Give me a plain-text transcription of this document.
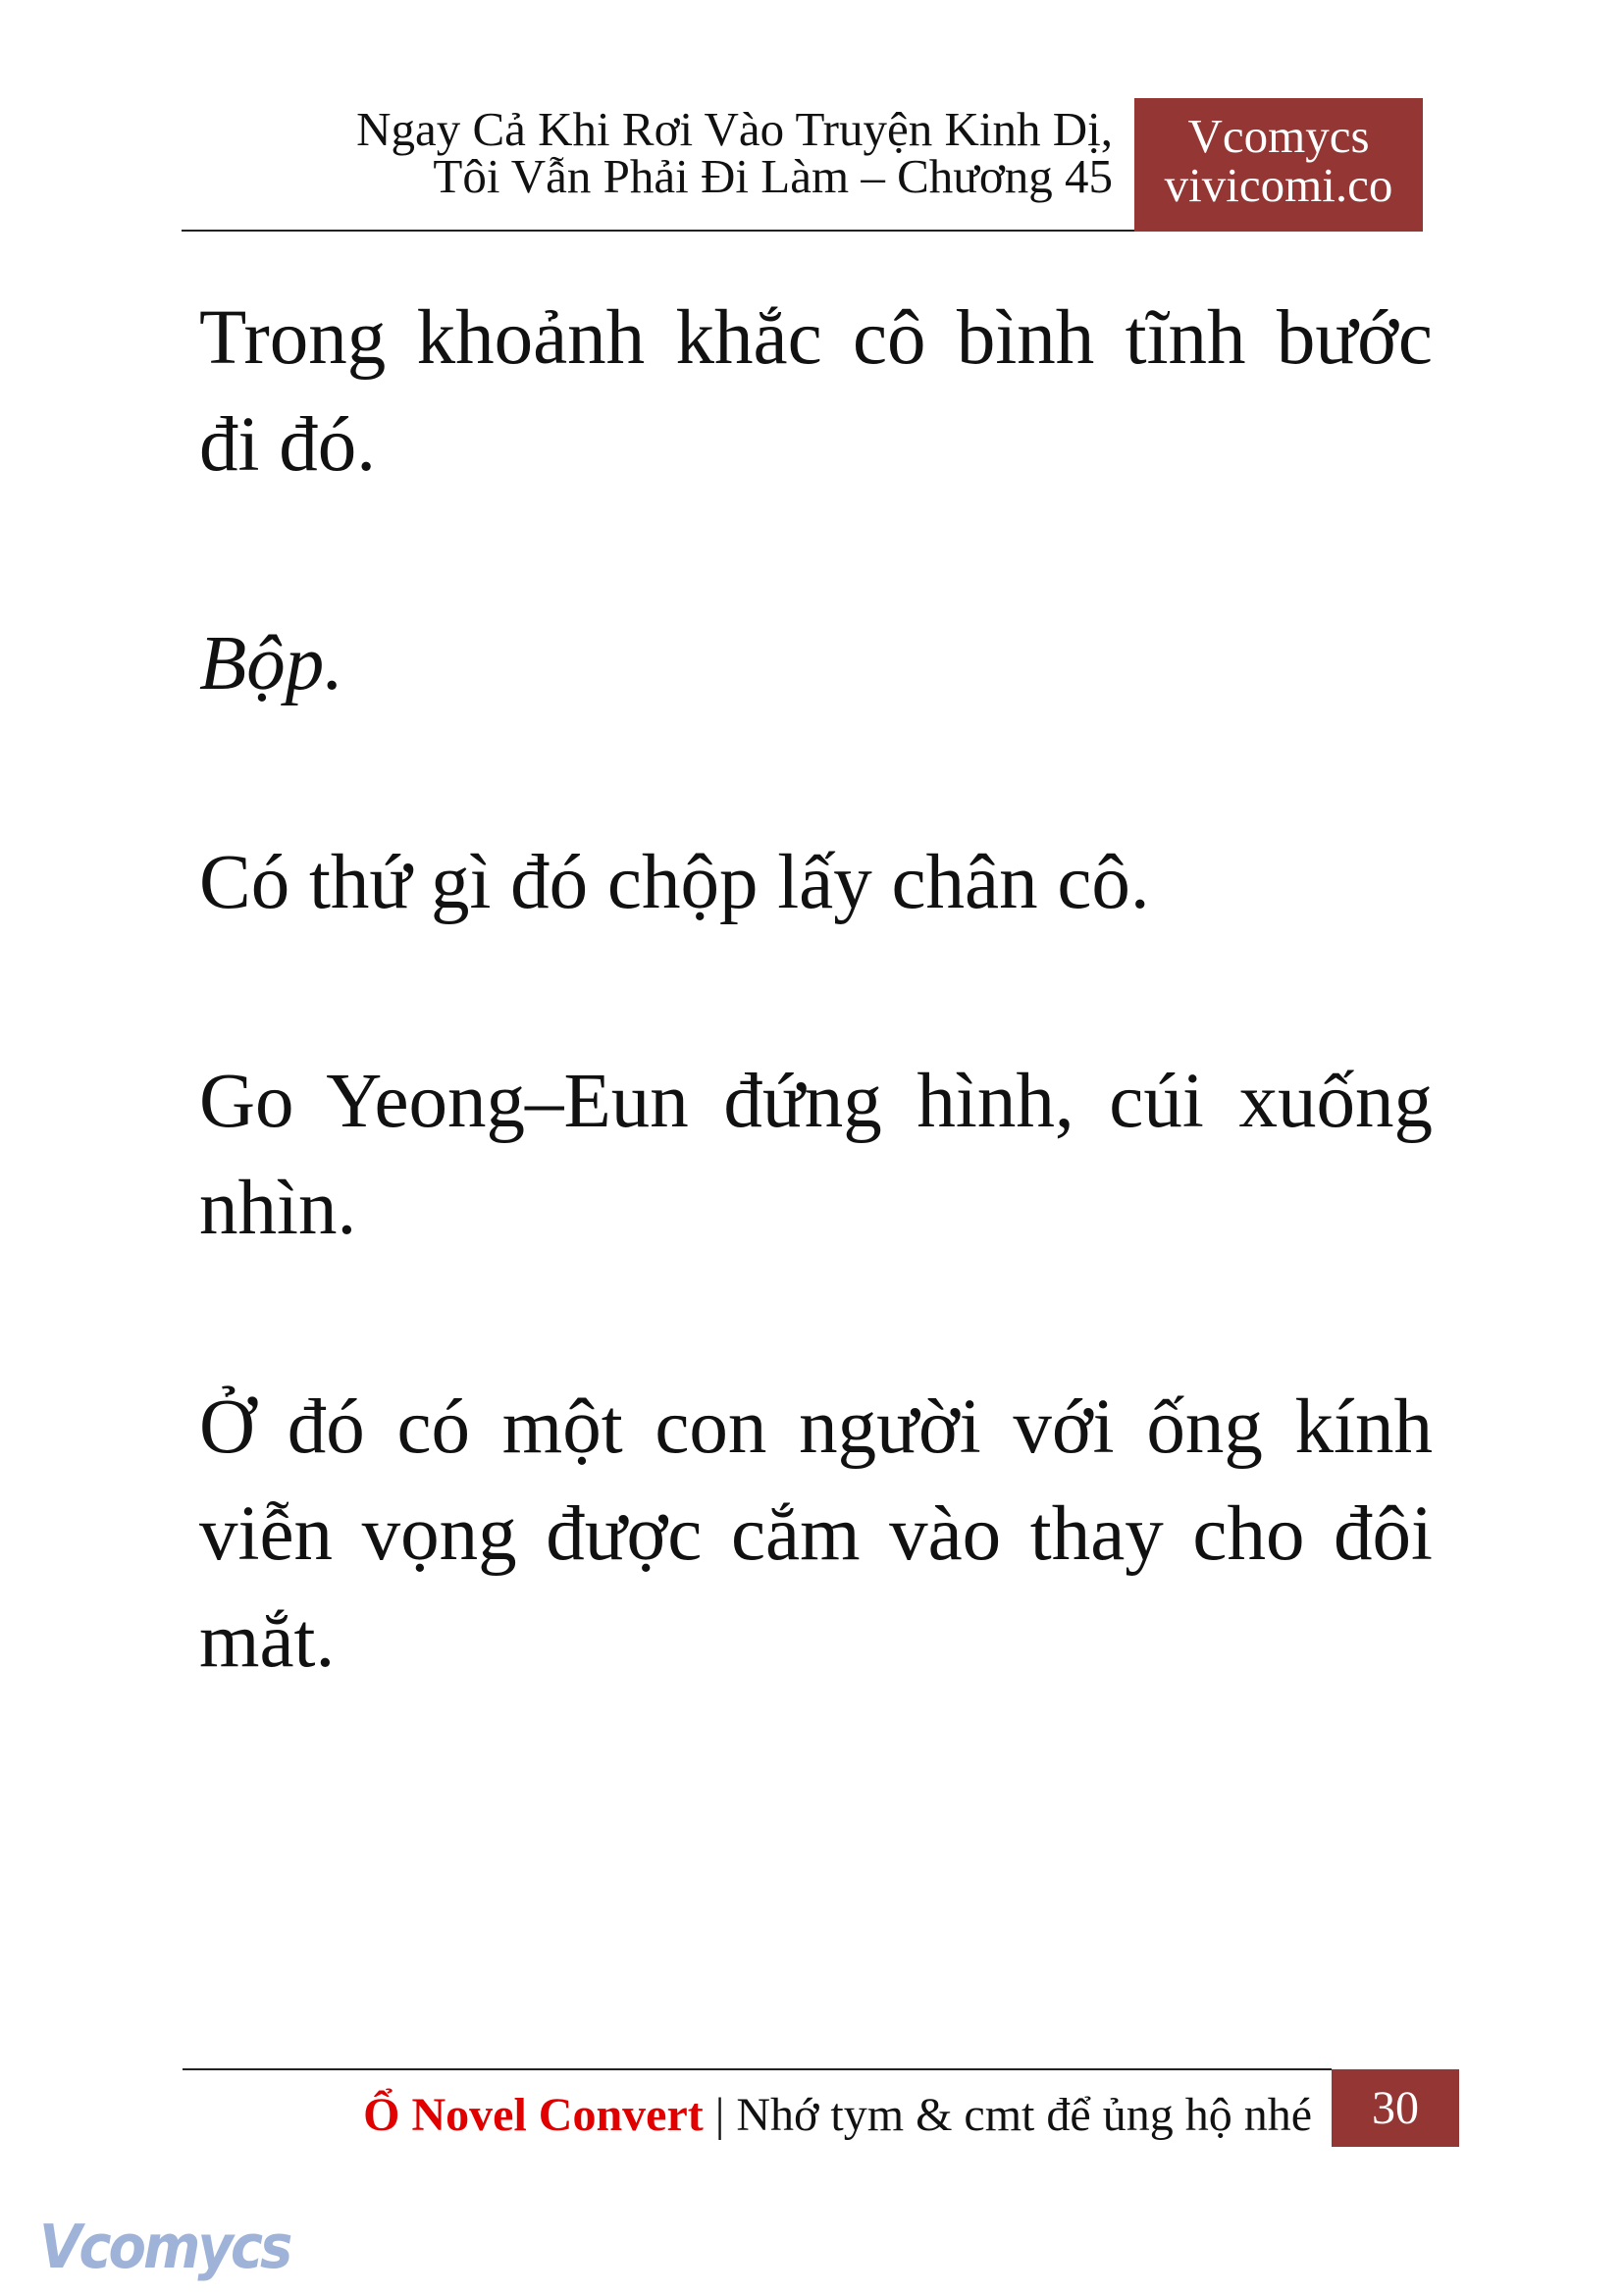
Ngay Cả Khi Rơi Vào Truyện Kinh Dị,
Tôi Vẫn Phải Đi Làm – Chương 45
Vcomycs
vivicomi.co

Trong khoảnh khắc cô bình tĩnh bước đi đó.

Bộp.

Có thứ gì đó chộp lấy chân cô.

Go Yeong–Eun đứng hình, cúi xuống nhìn.

Ở đó có một con người với ống kính viễn vọng được cắm vào thay cho đôi mắt.

Ổ Novel Convert | Nhớ tym & cmt để ủng hộ nhé	30
Vcomycs
